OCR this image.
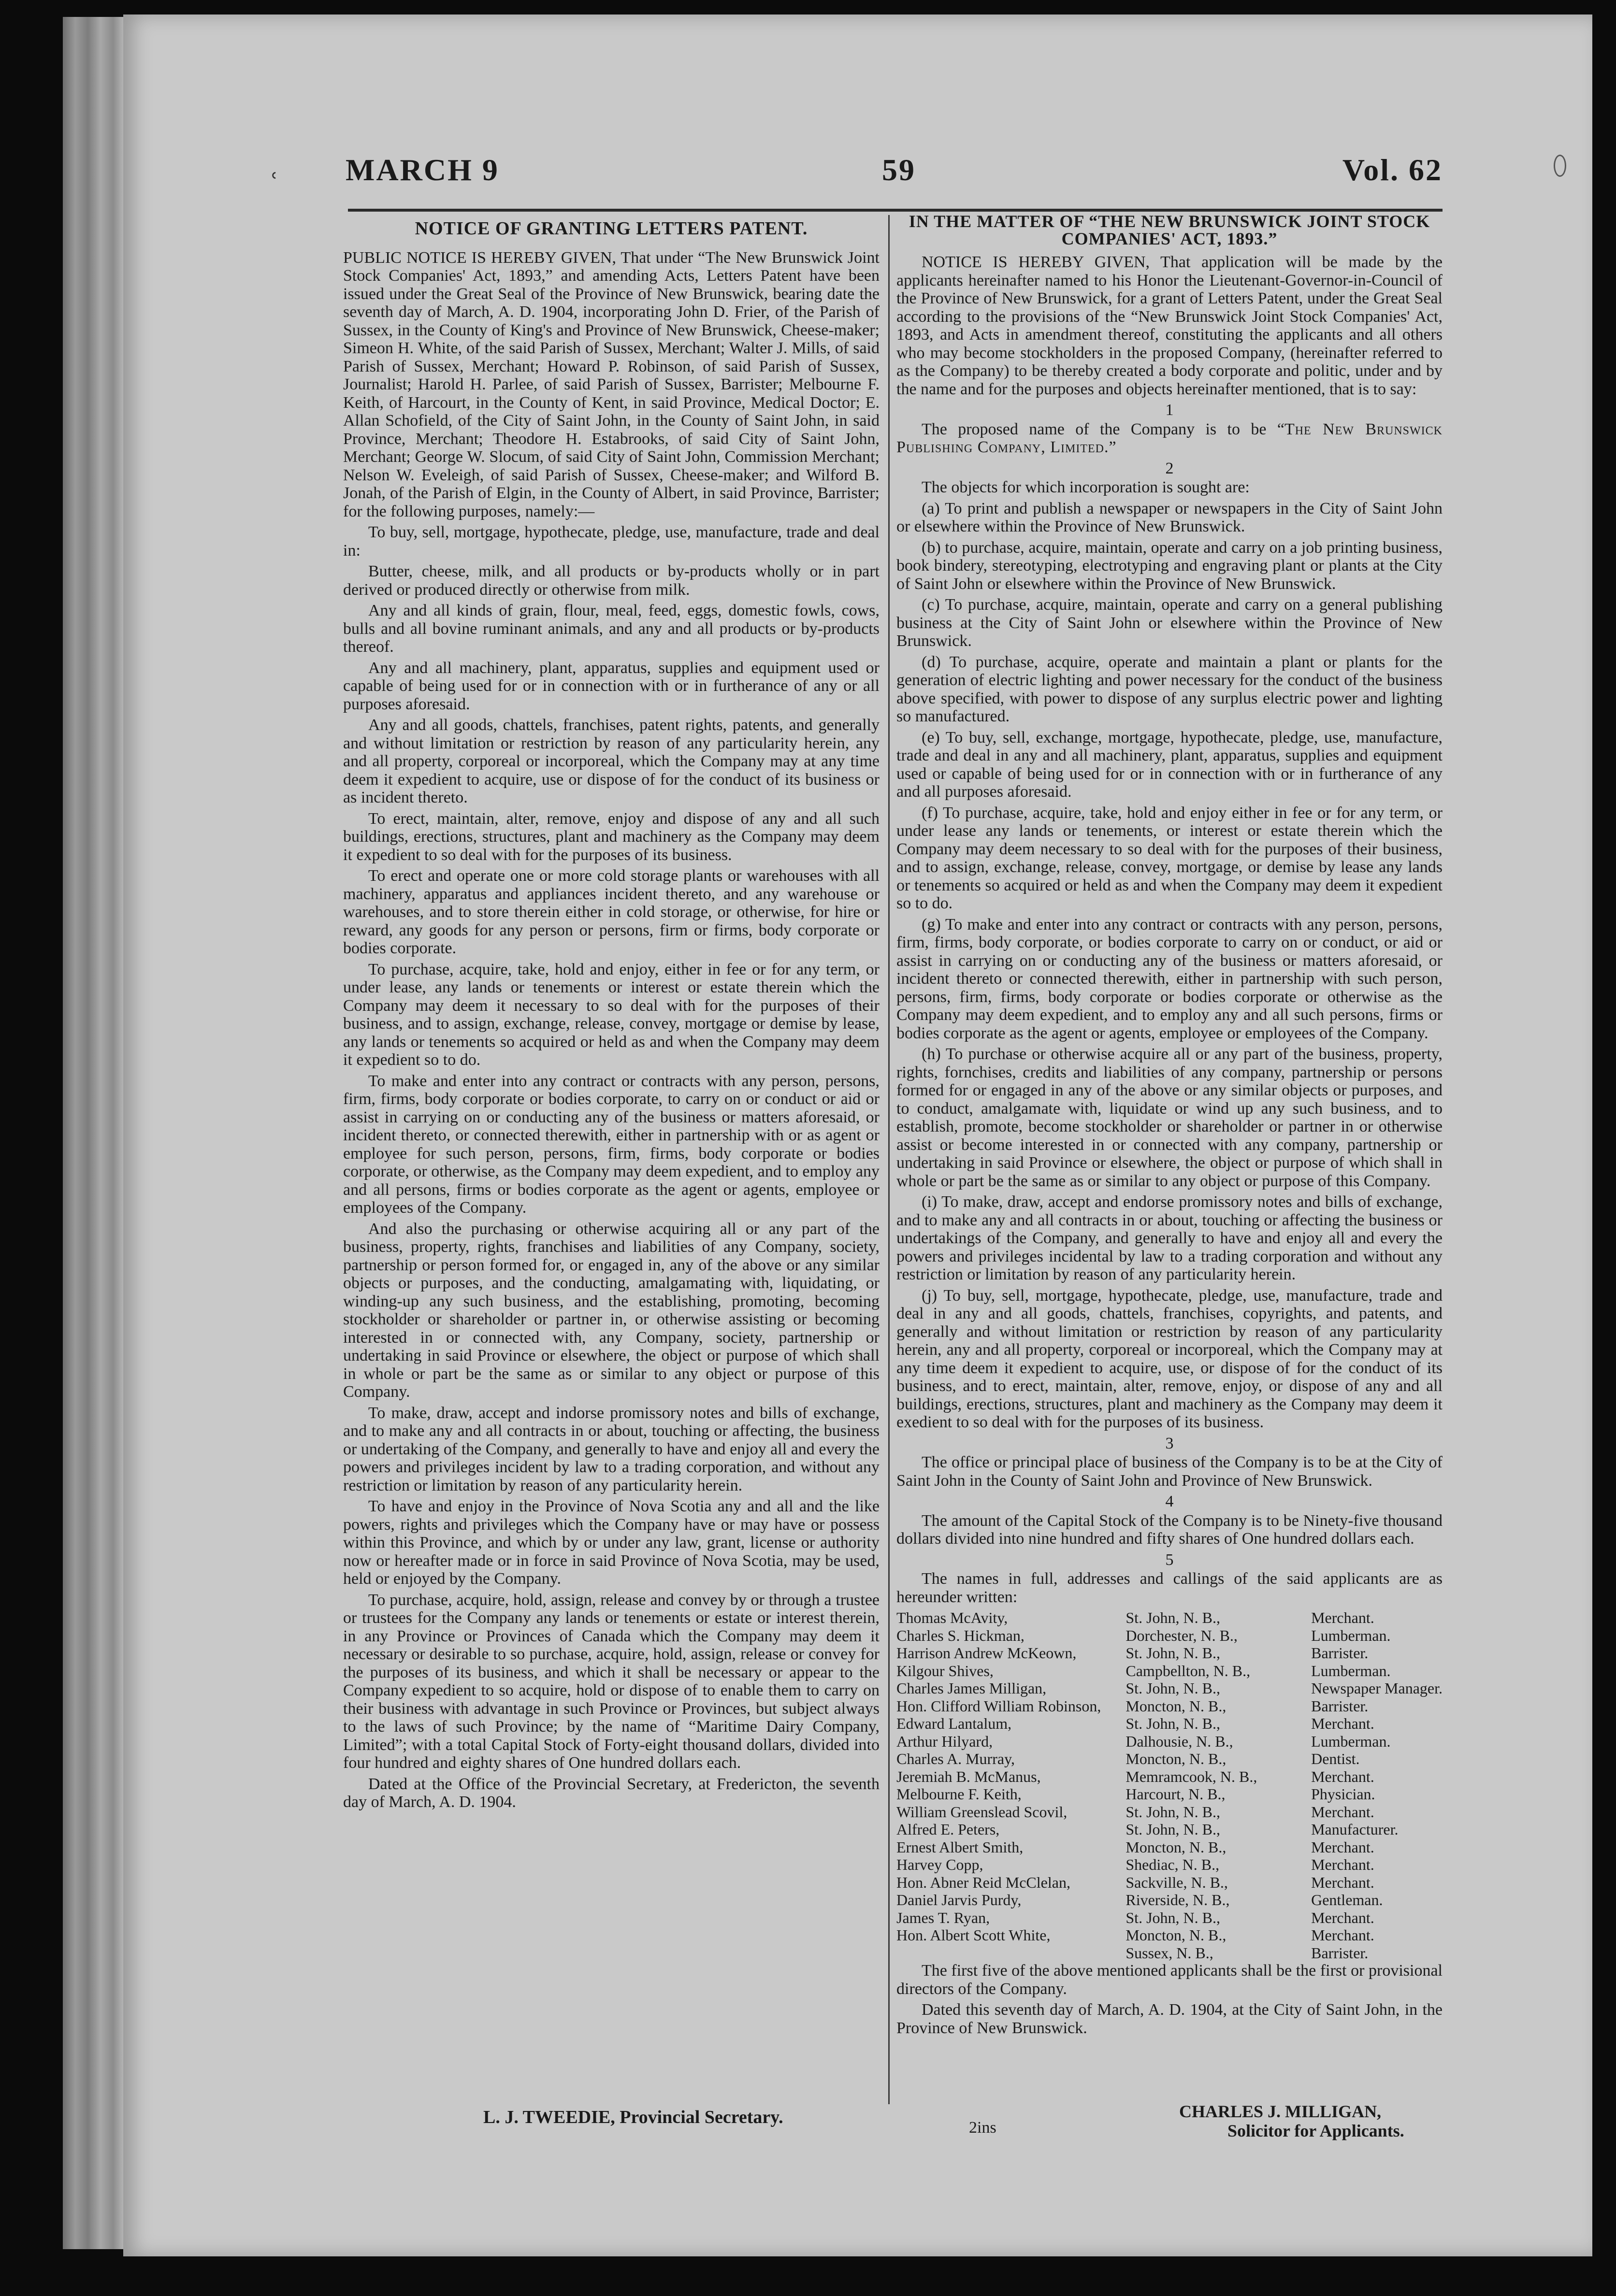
ʿ MARCH 9	59	Vol. 62
NOTICE OF GRANTING LETTERS PATENT.

PUBLIC NOTICE IS HEREBY GIVEN, That under “The New Brunswick Joint Stock Companies' Act, 1893,” and amending Acts, Letters Patent have been issued under the Great Seal of the Province of New Brunswick, bearing date the seventh day of March, A. D. 1904, incorporating John D. Frier, of the Parish of Sussex, in the County of King's and Province of New Brunswick, Cheese-maker; Simeon H. White, of the said Parish of Sussex, Merchant; Walter J. Mills, of said Parish of Sussex, Merchant; Howard P. Robinson, of said Parish of Sussex, Journalist; Harold H. Parlee, of said Parish of Sussex, Barrister; Melbourne F. Keith, of Harcourt, in the County of Kent, in said Province, Medical Doctor; E. Allan Schofield, of the City of Saint John, in the County of Saint John, in said Province, Merchant; Theodore H. Estabrooks, of said City of Saint John, Merchant; George W. Slocum, of said City of Saint John, Commission Merchant; Nelson W. Eveleigh, of said Parish of Sussex, Cheese-maker; and Wilford B. Jonah, of the Parish of Elgin, in the County of Albert, in said Province, Barrister; for the following purposes, namely:—

To buy, sell, mortgage, hypothecate, pledge, use, manufacture, trade and deal in:

Butter, cheese, milk, and all products or by-products wholly or in part derived or produced directly or otherwise from milk.

Any and all kinds of grain, flour, meal, feed, eggs, domestic fowls, cows, bulls and all bovine ruminant animals, and any and all products or by-products thereof.

Any and all machinery, plant, apparatus, supplies and equipment used or capable of being used for or in connection with or in furtherance of any or all purposes aforesaid.

Any and all goods, chattels, franchises, patent rights, patents, and generally and without limitation or restriction by reason of any particularity herein, any and all property, corporeal or incorporeal, which the Company may at any time deem it expedient to acquire, use or dispose of for the conduct of its business or as incident thereto.

To erect, maintain, alter, remove, enjoy and dispose of any and all such buildings, erections, structures, plant and machinery as the Company may deem it expedient to so deal with for the purposes of its business.

To erect and operate one or more cold storage plants or warehouses with all machinery, apparatus and appliances incident thereto, and any warehouse or warehouses, and to store therein either in cold storage, or otherwise, for hire or reward, any goods for any person or persons, firm or firms, body corporate or bodies corporate.

To purchase, acquire, take, hold and enjoy, either in fee or for any term, or under lease, any lands or tenements or interest or estate therein which the Company may deem it necessary to so deal with for the purposes of their business, and to assign, exchange, release, convey, mortgage or demise by lease, any lands or tenements so acquired or held as and when the Company may deem it expedient so to do.

To make and enter into any contract or contracts with any person, persons, firm, firms, body corporate or bodies corporate, to carry on or conduct or aid or assist in carrying on or conducting any of the business or matters aforesaid, or incident thereto, or connected therewith, either in partnership with or as agent or employee for such person, persons, firm, firms, body corporate or bodies corporate, or otherwise, as the Company may deem expedient, and to employ any and all persons, firms or bodies corporate as the agent or agents, employee or employees of the Company.

And also the purchasing or otherwise acquiring all or any part of the business, property, rights, franchises and liabilities of any Company, society, partnership or person formed for, or engaged in, any of the above or any similar objects or purposes, and the conducting, amalgamating with, liquidating, or winding-up any such business, and the establishing, promoting, becoming stockholder or shareholder or partner in, or otherwise assisting or becoming interested in or connected with, any Company, society, partnership or undertaking in said Province or elsewhere, the object or purpose of which shall in whole or part be the same as or similar to any object or purpose of this Company.

To make, draw, accept and indorse promissory notes and bills of exchange, and to make any and all contracts in or about, touching or affecting, the business or undertaking of the Company, and generally to have and enjoy all and every the powers and privileges incident by law to a trading corporation, and without any restriction or limitation by reason of any particularity herein.

To have and enjoy in the Province of Nova Scotia any and all and the like powers, rights and privileges which the Company have or may have or possess within this Province, and which by or under any law, grant, license or authority now or hereafter made or in force in said Province of Nova Scotia, may be used, held or enjoyed by the Company.

To purchase, acquire, hold, assign, release and convey by or through a trustee or trustees for the Company any lands or tenements or estate or interest therein, in any Province or Provinces of Canada which the Company may deem it necessary or desirable to so purchase, acquire, hold, assign, release or convey for the purposes of its business, and which it shall be necessary or appear to the Company expedient to so acquire, hold or dispose of to enable them to carry on their business with advantage in such Province or Provinces, but subject always to the laws of such Province; by the name of “Maritime Dairy Company, Limited”; with a total Capital Stock of Forty-eight thousand dollars, divided into four hundred and eighty shares of One hundred dollars each.

Dated at the Office of the Provincial Secretary, at Fredericton, the seventh day of March, A. D. 1904.

IN THE MATTER OF “THE NEW BRUNSWICK JOINT STOCK COMPANIES' ACT, 1893.”

NOTICE IS HEREBY GIVEN, That application will be made by the applicants hereinafter named to his Honor the Lieutenant-Governor-in-Council of the Province of New Brunswick, for a grant of Letters Patent, under the Great Seal according to the provisions of the “New Brunswick Joint Stock Companies' Act, 1893, and Acts in amendment thereof, constituting the applicants and all others who may become stockholders in the proposed Company, (hereinafter referred to as the Company) to be thereby created a body corporate and politic, under and by the name and for the purposes and objects hereinafter mentioned, that is to say:

1

The proposed name of the Company is to be “The New Brunswick Publishing Company, Limited.”

2

The objects for which incorporation is sought are:

(a) To print and publish a newspaper or newspapers in the City of Saint John or elsewhere within the Province of New Brunswick.

(b) to purchase, acquire, maintain, operate and carry on a job printing business, book bindery, stereotyping, electrotyping and engraving plant or plants at the City of Saint John or elsewhere within the Province of New Brunswick.

(c) To purchase, acquire, maintain, operate and carry on a general publishing business at the City of Saint John or elsewhere within the Province of New Brunswick.

(d) To purchase, acquire, operate and maintain a plant or plants for the generation of electric lighting and power necessary for the conduct of the business above specified, with power to dispose of any surplus electric power and lighting so manufactured.

(e) To buy, sell, exchange, mortgage, hypothecate, pledge, use, manufacture, trade and deal in any and all machinery, plant, apparatus, supplies and equipment used or capable of being used for or in connection with or in furtherance of any and all purposes aforesaid.

(f) To purchase, acquire, take, hold and enjoy either in fee or for any term, or under lease any lands or tenements, or interest or estate therein which the Company may deem necessary to so deal with for the purposes of their business, and to assign, exchange, release, convey, mortgage, or demise by lease any lands or tenements so acquired or held as and when the Company may deem it expedient so to do.

(g) To make and enter into any contract or contracts with any person, persons, firm, firms, body corporate, or bodies corporate to carry on or conduct, or aid or assist in carrying on or conducting any of the business or matters aforesaid, or incident thereto or connected therewith, either in partnership with such person, persons, firm, firms, body corporate or bodies corporate or otherwise as the Company may deem expedient, and to employ any and all such persons, firms or bodies corporate as the agent or agents, employee or employees of the Company.

(h) To purchase or otherwise acquire all or any part of the business, property, rights, fornchises, credits and liabilities of any company, partnership or persons formed for or engaged in any of the above or any similar objects or purposes, and to conduct, amalgamate with, liquidate or wind up any such business, and to establish, promote, become stockholder or shareholder or partner in or otherwise assist or become interested in or connected with any company, partnership or undertaking in said Province or elsewhere, the object or purpose of which shall in whole or part be the same as or similar to any object or purpose of this Company.

(i) To make, draw, accept and endorse promissory notes and bills of exchange, and to make any and all contracts in or about, touching or affecting the business or undertakings of the Company, and generally to have and enjoy all and every the powers and privileges incidental by law to a trading corporation and without any restriction or limitation by reason of any particularity herein.

(j) To buy, sell, mortgage, hypothecate, pledge, use, manufacture, trade and deal in any and all goods, chattels, franchises, copyrights, and patents, and generally and without limitation or restriction by reason of any particularity herein, any and all property, corporeal or incorporeal, which the Company may at any time deem it expedient to acquire, use, or dispose of for the conduct of its business, and to erect, maintain, alter, remove, enjoy, or dispose of any and all buildings, erections, structures, plant and machinery as the Company may deem it exedient to so deal with for the purposes of its business.

3

The office or principal place of business of the Company is to be at the City of Saint John in the County of Saint John and Province of New Brunswick.

4

The amount of the Capital Stock of the Company is to be Ninety-five thousand dollars divided into nine hundred and fifty shares of One hundred dollars each.

5

The names in full, addresses and callings of the said applicants are as hereunder written:

Thomas McAvity,	St. John, N. B.,	Merchant.
Charles S. Hickman,	Dorchester, N. B.,	Lumberman.
Harrison Andrew McKeown,	St. John, N. B.,	Barrister.
Kilgour Shives,	Campbellton, N. B.,	Lumberman.
Charles James Milligan,	St. John, N. B.,	Newspaper Manager.
Hon. Clifford William Robinson,	Moncton, N. B.,	Barrister.
Edward Lantalum,	St. John, N. B.,	Merchant.
Arthur Hilyard,	Dalhousie, N. B.,	Lumberman.
Charles A. Murray,	Moncton, N. B.,	Dentist.
Jeremiah B. McManus,	Memramcook, N. B.,	Merchant.
Melbourne F. Keith,	Harcourt, N. B.,	Physician.
William Greenslead Scovil,	St. John, N. B.,	Merchant.
Alfred E. Peters,	St. John, N. B.,	Manufacturer.
Ernest Albert Smith,	Moncton, N. B.,	Merchant.
Harvey Copp,	Shediac, N. B.,	Merchant.
Hon. Abner Reid McClelan,	Sackville, N. B.,	Merchant.
Daniel Jarvis Purdy,	Riverside, N. B.,	Gentleman.
James T. Ryan,	St. John, N. B.,	Merchant.
Hon. Albert Scott White,	Moncton, N. B.,	Merchant.
	Sussex, N. B.,	Barrister.

The first five of the above mentioned applicants shall be the first or provisional directors of the Company.

Dated this seventh day of March, A. D. 1904, at the City of Saint John, in the Province of New Brunswick.

L. J. TWEEDIE, Provincial Secretary.
2ins
CHARLES J. MILLIGAN,
Solicitor for Applicants.
